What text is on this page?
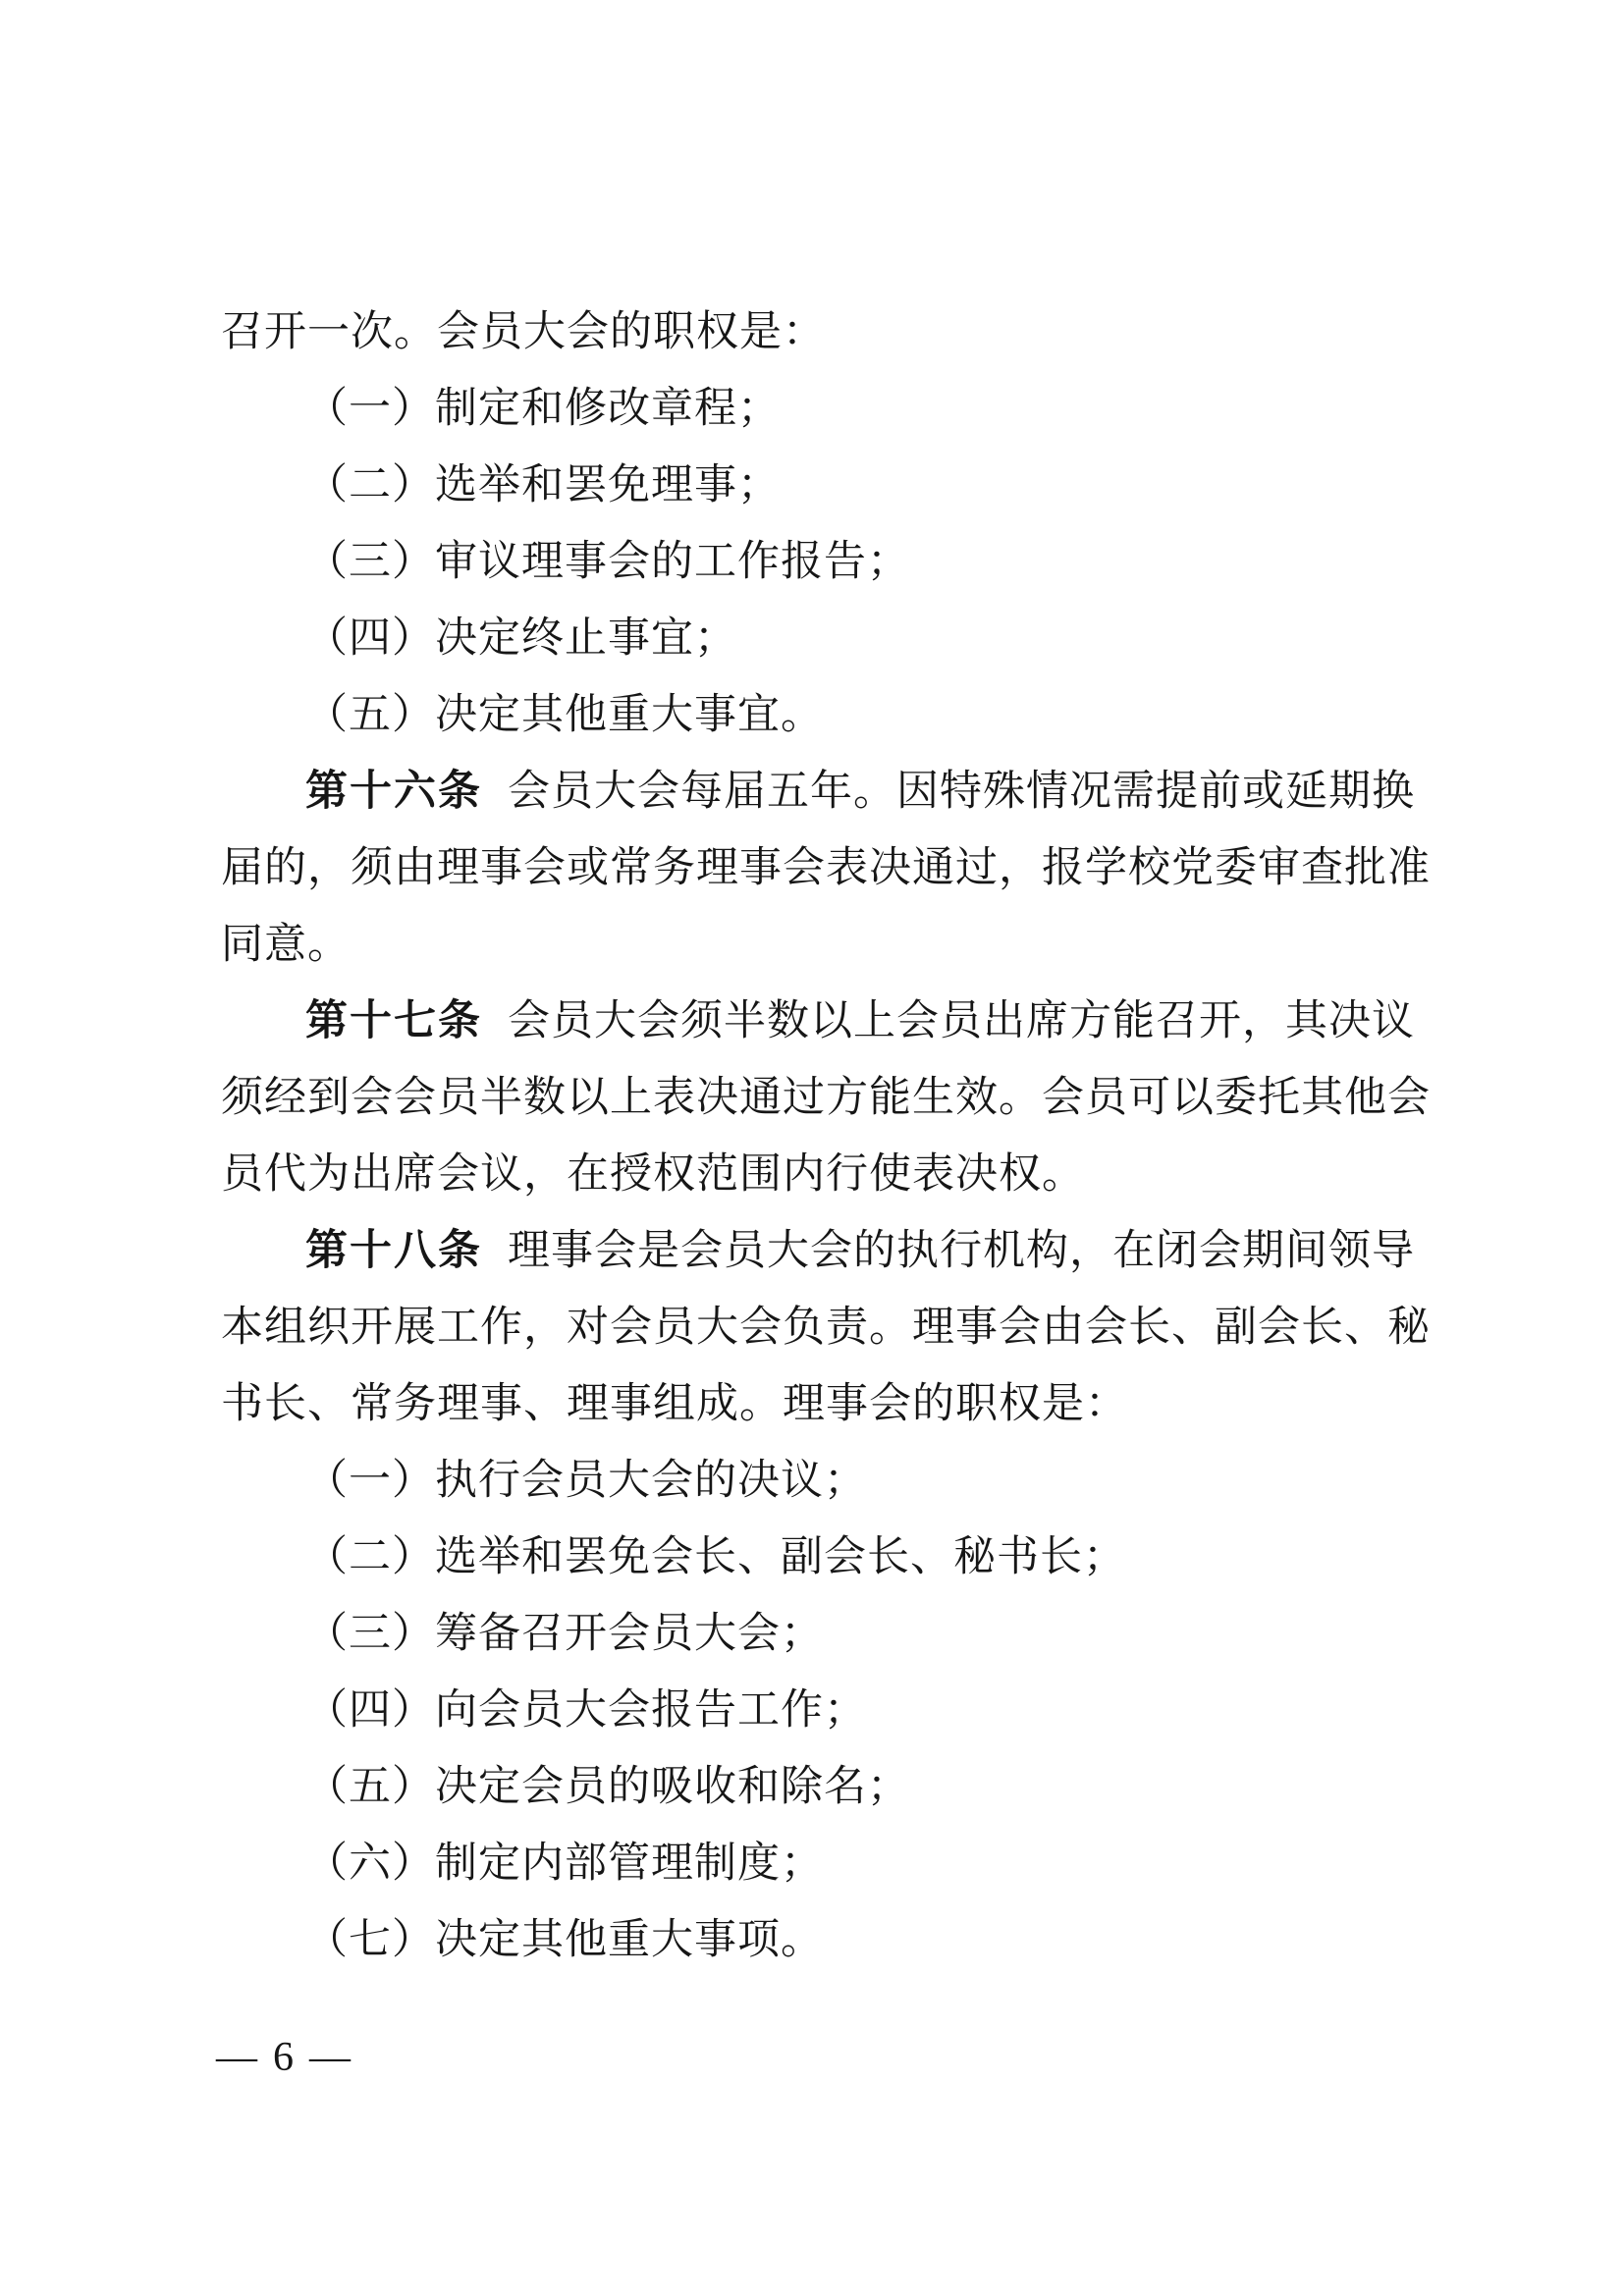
召开一次。会员大会的职权是：
（一）制定和修改章程；
（二）选举和罢免理事；
（三）审议理事会的工作报告；
（四）决定终止事宜；
（五）决定其他重大事宜。
第十六条 会员大会每届五年。因特殊情况需提前或延期换
届的，须由理事会或常务理事会表决通过，报学校党委审查批准
同意。
第十七条 会员大会须半数以上会员出席方能召开，其决议
须经到会会员半数以上表决通过方能生效。会员可以委托其他会
员代为出席会议，在授权范围内行使表决权。
第十八条 理事会是会员大会的执行机构，在闭会期间领导
本组织开展工作，对会员大会负责。理事会由会长、副会长、秘
书长、常务理事、理事组成。理事会的职权是：
（一）执行会员大会的决议；
（二）选举和罢免会长、副会长、秘书长；
（三）筹备召开会员大会；
（四）向会员大会报告工作；
（五）决定会员的吸收和除名；
（六）制定内部管理制度；
（七）决定其他重大事项。
— 6 —
